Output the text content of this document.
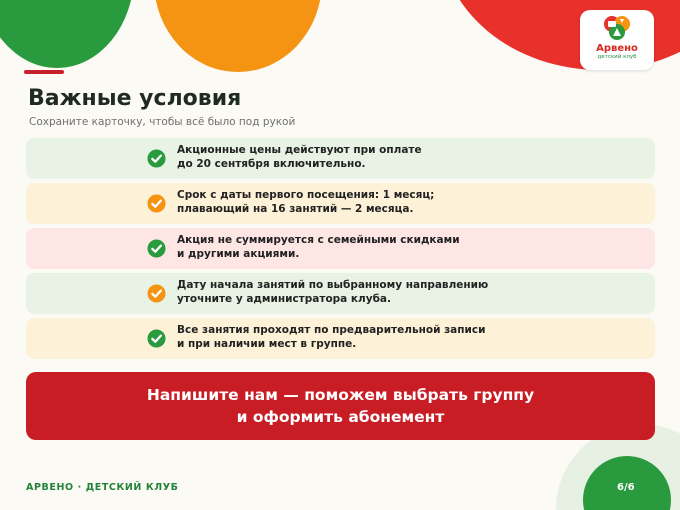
Арвено
детский клуб
Важные условия

Сохраните карточку, чтобы всё было под рукой

Акционные цены действуют при оплате
до 20 сентября включительно.
Срок с даты первого посещения: 1 месяц;
плавающий на 16 занятий — 2 месяца.
Акция не суммируется с семейными скидками
и другими акциями.
Дату начала занятий по выбранному направлению
уточните у администратора клуба.
Все занятия проходят по предварительной записи
и при наличии мест в группе.
Напишите нам — поможем выбрать группу
и оформить абонемент
АРВЕНО · ДЕТСКИЙ КЛУБ	6/6
